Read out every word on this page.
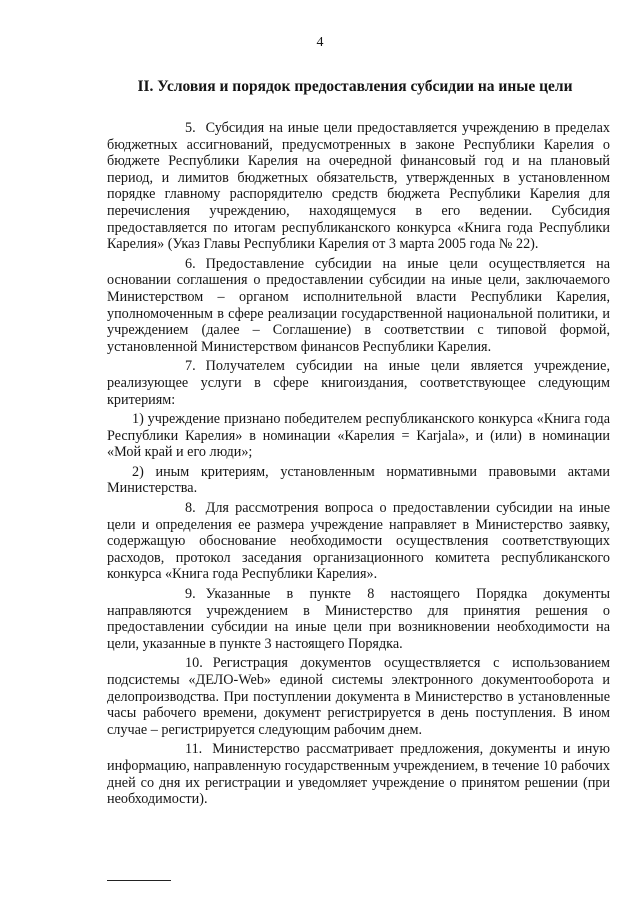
4
II. Условия и порядок предоставления субсидии на иные цели

5. Субсидия на иные цели предоставляется учреждению в пределах бюджетных ассигнований, предусмотренных в законе Республики Карелия о бюджете Республики Карелия на очередной финансовый год и на плановый период, и лимитов бюджетных обязательств, утвержденных в установленном порядке главному распорядителю средств бюджета Республики Карелия для перечисления учреждению, находящемуся в его ведении. Субсидия предоставляется по итогам республиканского конкурса «Книга года Республики Карелия» (Указ Главы Республики Карелия от 3 марта 2005 года № 22).

6. Предоставление субсидии на иные цели осуществляется на основании соглашения о предоставлении субсидии на иные цели, заключаемого Министерством – органом исполнительной власти Республики Карелия, уполномоченным в сфере реализации государственной национальной политики, и учреждением (далее – Соглашение) в соответствии с типовой формой, установленной Министерством финансов Республики Карелия.

7. Получателем субсидии на иные цели является учреждение, реализующее услуги в сфере книгоиздания, соответствующее следующим критериям:

1) учреждение признано победителем республиканского конкурса «Книга года Республики Карелия» в номинации «Карелия = Karjala», и (или) в номинации «Мой край и его люди»;

2) иным критериям, установленным нормативными правовыми актами Министерства.

8. Для рассмотрения вопроса о предоставлении субсидии на иные цели и определения ее размера учреждение направляет в Министерство заявку, содержащую обоснование необходимости осуществления соответствующих расходов, протокол заседания организационного комитета республиканского конкурса «Книга года Республики Карелия».

9. Указанные в пункте 8 настоящего Порядка документы направляются учреждением в Министерство для принятия решения о предоставлении субсидии на иные цели при возникновении необходимости на цели, указанные в пункте 3 настоящего Порядка.

10. Регистрация документов осуществляется с использованием подсистемы «ДЕЛО-Web» единой системы электронного документооборота и делопроизводства. При поступлении документа в Министерство в установленные часы рабочего времени, документ регистрируется в день поступления. В ином случае – регистрируется следующим рабочим днем.

11. Министерство рассматривает предложения, документы и иную информацию, направленную государственным учреждением, в течение 10 рабочих дней со дня их регистрации и уведомляет учреждение о принятом решении (при необходимости).
